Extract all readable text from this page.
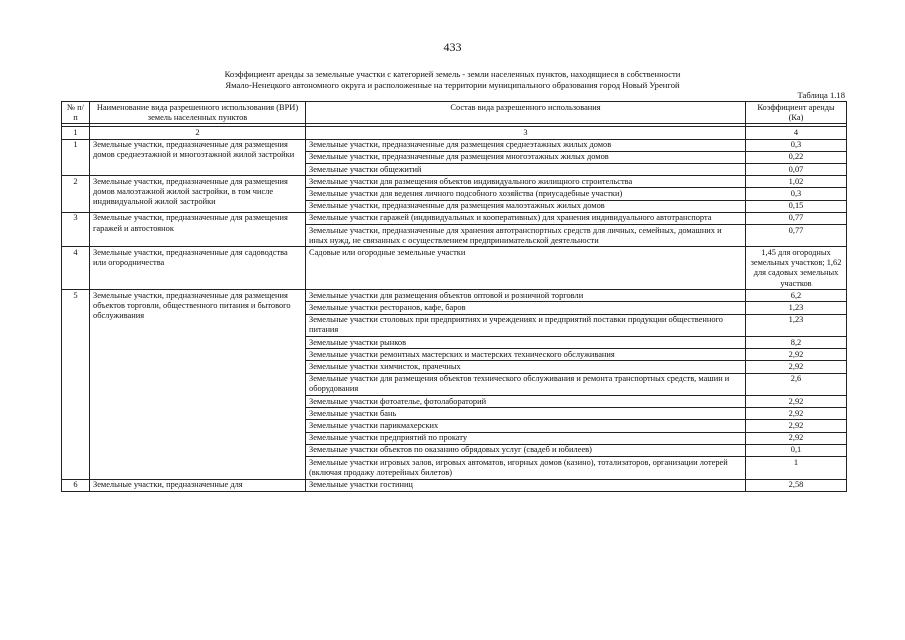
433
Коэффициент аренды за земельные участки с категорией земель - земли населенных пунктов, находящиеся в собственности
Ямало-Ненецкого автономного округа и расположенные на территории муниципального образования город Новый Уренгой
Таблица 1.18
№ п/п	Наименование вида разрешенного использования (ВРИ) земель населенных пунктов	Состав вида разрешенного использования	Коэффициент аренды (Ка)

1	2	3	4
1	Земельные участки, предназначенные для размещения домов среднеэтажной и многоэтажной жилой застройки	Земельные участки, предназначенные для размещения среднеэтажных жилых домов	0,3
		Земельные участки, предназначенные для размещения многоэтажных жилых домов	0,22
		Земельные участки общежитий	0,07
2	Земельные участки, предназначенные для размещения домов малоэтажной жилой застройки, в том числе индивидуальной жилой застройки	Земельные участки для размещения объектов индивидуального жилищного строительства	1,02
		Земельные участки для ведения личного подсобного хозяйства (приусадебные участки)	0,3
		Земельные участки, предназначенные для размещения малоэтажных жилых домов	0,15
3	Земельные участки, предназначенные для размещения гаражей и автостоянок	Земельные участки гаражей (индивидуальных и кооперативных) для хранения индивидуального автотранспорта	0,77
		Земельные участки, предназначенные для хранения автотранспортных средств для личных, семейных, домашних и иных нужд, не связанных с осуществлением предпринимательской деятельности	0,77
4	Земельные участки, предназначенные для садоводства или огородничества	Садовые или огородные земельные участки	1,45 для огородных земельных участков; 1,62 для садовых земельных участков
5	Земельные участки, предназначенные для размещения объектов торговли, общественного питания и бытового обслуживания	Земельные участки для размещения объектов оптовой и розничной торговли	6,2
		Земельные участки ресторанов, кафе, баров	1,23
		Земельные участки столовых при предприятиях и учреждениях и предприятий поставки продукции общественного питания	1,23
		Земельные участки рынков	8,2
		Земельные участки ремонтных мастерских и мастерских технического обслуживания	2,92
		Земельные участки химчисток, прачечных	2,92
		Земельные участки для размещения объектов технического обслуживания и ремонта транспортных средств, машин и оборудования	2,6
		Земельные участки фотоателье, фотолабораторий	2,92
		Земельные участки бань	2,92
		Земельные участки парикмахерских	2,92
		Земельные участки предприятий по прокату	2,92
		Земельные участки объектов по оказанию обрядовых услуг (свадеб и юбилеев)	0,1
		Земельные участки игровых залов, игровых автоматов, игорных домов (казино), тотализаторов, организации лотерей (включая продажу лотерейных билетов)	1
6	Земельные участки, предназначенные для	Земельные участки гостиниц	2,58
